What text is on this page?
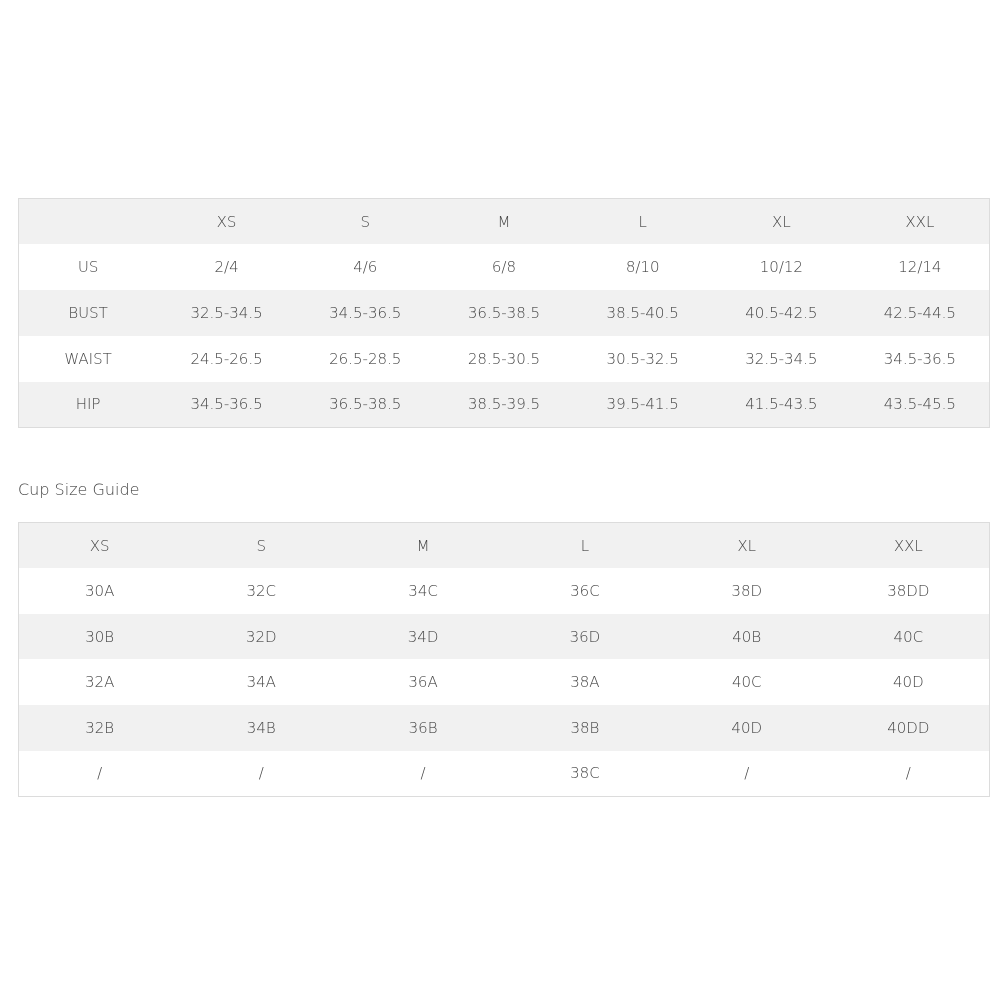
	XS	S	M	L	XL	XXL
US	2/4	4/6	6/8	8/10	10/12	12/14
BUST	32.5-34.5	34.5-36.5	36.5-38.5	38.5-40.5	40.5-42.5	42.5-44.5
WAIST	24.5-26.5	26.5-28.5	28.5-30.5	30.5-32.5	32.5-34.5	34.5-36.5
HIP	34.5-36.5	36.5-38.5	38.5-39.5	39.5-41.5	41.5-43.5	43.5-45.5
Cup Size Guide
XS	S	M	L	XL	XXL
30A	32C	34C	36C	38D	38DD
30B	32D	34D	36D	40B	40C
32A	34A	36A	38A	40C	40D
32B	34B	36B	38B	40D	40DD
/	/	/	38C	/	/
